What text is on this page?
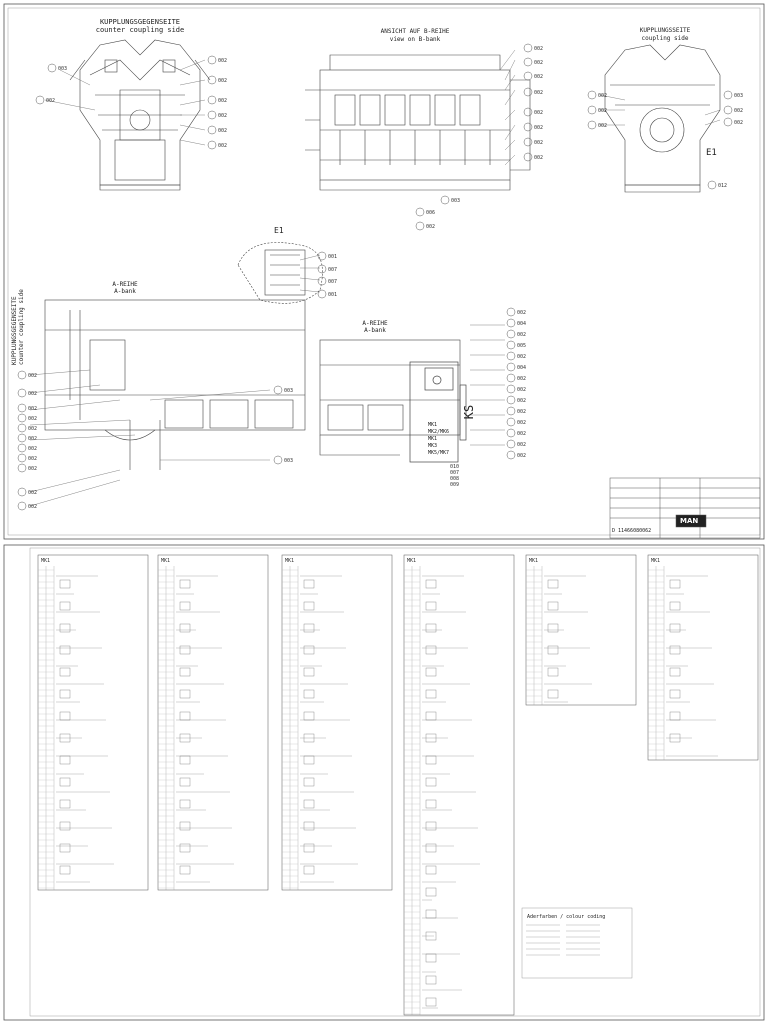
MK1	MK1	MK1	MK1	MK1	MK1
003
002
002
002
002
002
002
002
002
002
002
002
002
002
002
002
003
006
002
002
002
002
002
002
003
012
001
007
007
001
002
002
002
002
002
002
002
002
002
002
002
003
003
002
004
002
005
002
004
002
002
002
002
002
002
002
002
010
007
008
009
KUPPLUNGSGEGENSEITE
counter coupling side	ANSICHT AUF B-REIHE
view on B-bank
KUPPLUNGSSEITE
coupling side
E1
A-REIHE
A-bank
A-REIHE
A-bank
KUPPLUNGSGEGENSEITE counter coupling side
KS
E1
MK1
MK2/MK6
MK1
MK3
MK5/MK7
D 11466080062
MAN
Aderfarben / colour coding
